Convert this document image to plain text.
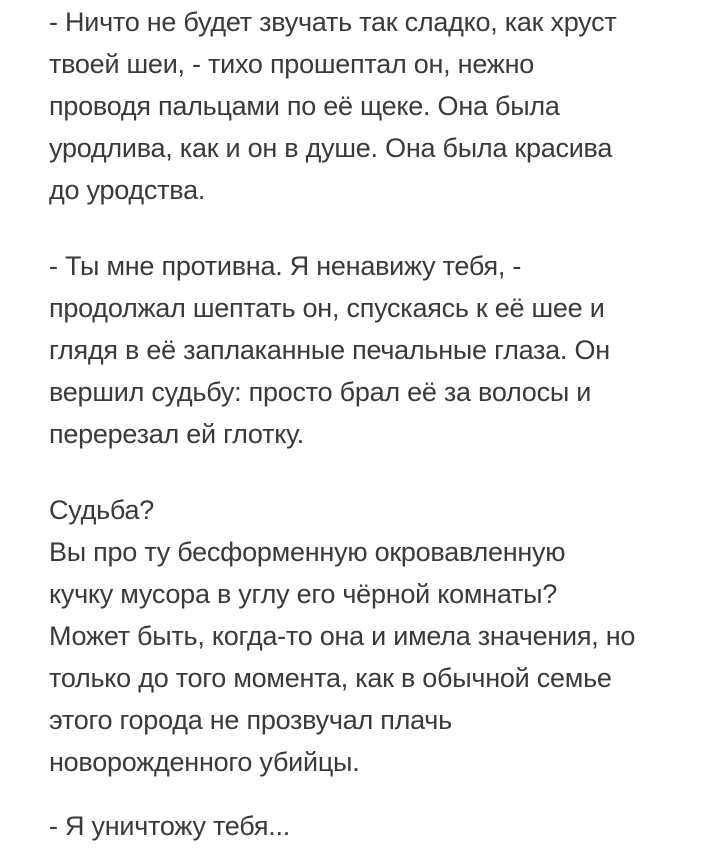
- Ничто не будет звучать так сладко, как хруст
твоей шеи, - тихо прошептал он, нежно
проводя пальцами по её щеке. Она была
уродлива, как и он в душе. Она была красива
до уродства.
- Ты мне противна. Я ненавижу тебя, -
продолжал шептать он, спускаясь к её шее и
глядя в её заплаканные печальные глаза. Он
вершил судьбу: просто брал её за волосы и
перерезал ей глотку.
Судьба?
Вы про ту бесформенную окровавленную
кучку мусора в углу его чёрной комнаты?
Может быть, когда-то она и имела значения, но
только до того момента, как в обычной семье
этого города не прозвучал плачь
новорожденного убийцы.
- Я уничтожу тебя...
